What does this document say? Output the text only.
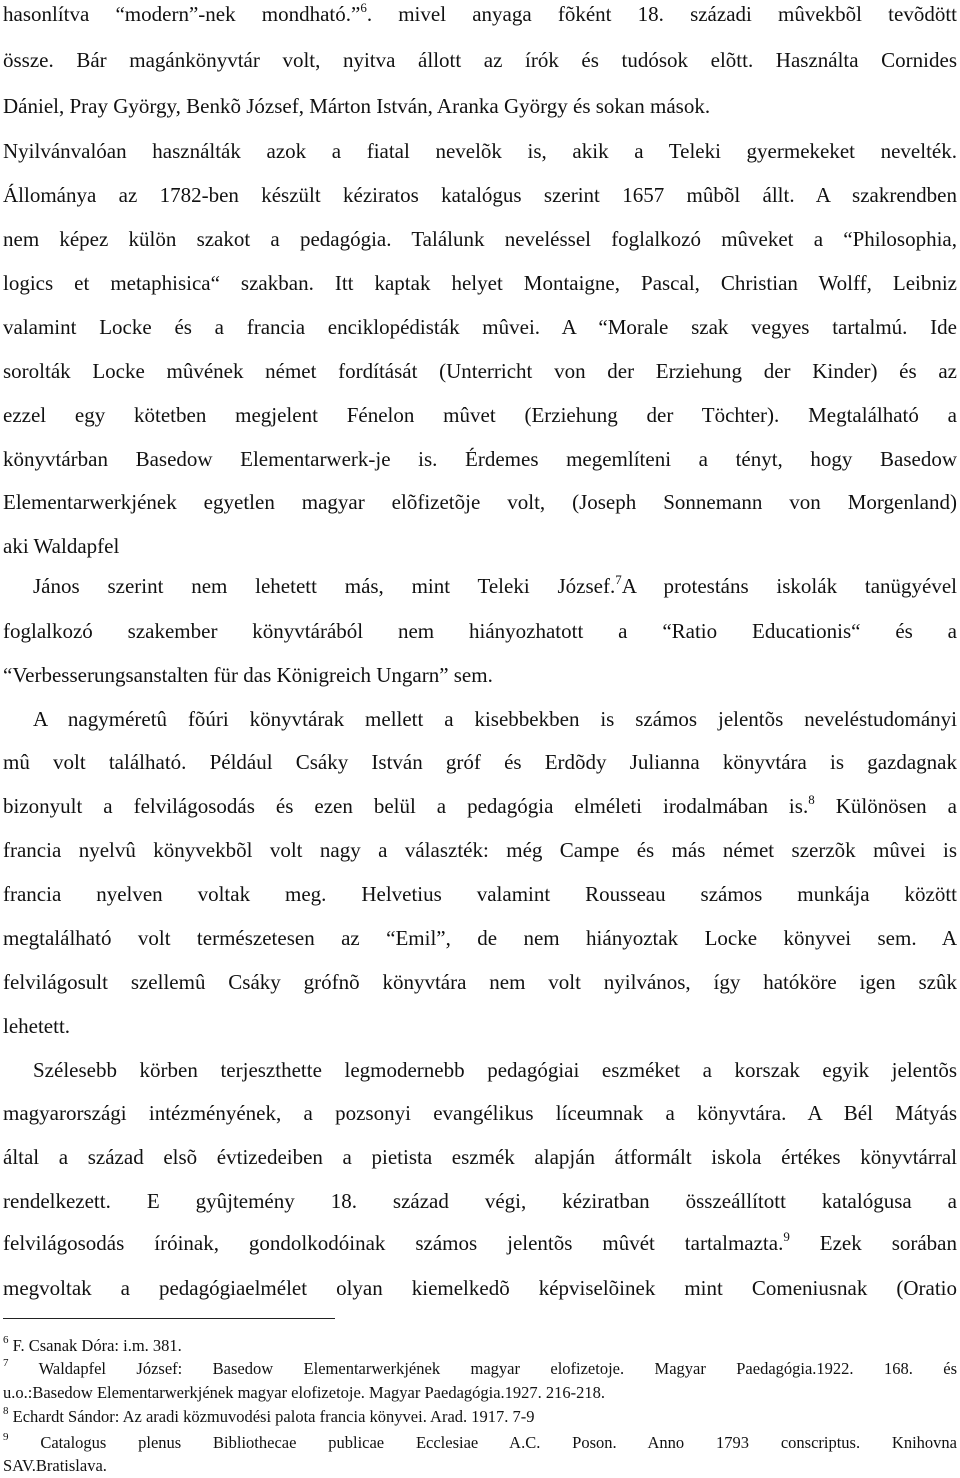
hasonlítva “modern”-nek mondható.”$^6$. mivel anyaga fõként 18. századi mûvekbõl tevõdött
össze. Bár magánkönyvtár volt, nyitva állott az írók és tudósok elõtt. Használta Cornides
Dániel, Pray György, Benkõ József, Márton István, Aranka György és sokan mások.
Nyilvánvalóan használták azok a fiatal nevelõk is, akik a Teleki gyermekeket nevelték.
Állománya az 1782-ben készült kéziratos katalógus szerint 1657 mûbõl állt. A szakrendben
nem képez külön szakot a pedagógia. Találunk neveléssel foglalkozó mûveket a “Philosophia,
logics et metaphisica“ szakban. Itt kaptak helyet Montaigne, Pascal, Christian Wolff, Leibniz
valamint Locke és a francia enciklopédisták mûvei. A “Morale szak vegyes tartalmú. Ide
sorolták Locke mûvének német fordítását (Unterricht von der Erziehung der Kinder) és az
ezzel egy kötetben megjelent Fénelon mûvet (Erziehung der Töchter). Megtalálható a
könyvtárban Basedow Elementarwerk-je is. Érdemes megemlíteni a tényt, hogy Basedow
Elementarwerkjének egyetlen magyar elõfizetõje volt, (Joseph Sonnemann von Morgenland)
aki Waldapfel
János szerint nem lehetett más, mint Teleki József.$^7$A protestáns iskolák tanügyével
foglalkozó szakember könyvtárából nem hiányozhatott a “Ratio Educationis“ és a
“Verbesserungsanstalten für das Königreich Ungarn” sem.
A nagyméretû fõúri könyvtárak mellett a kisebbekben is számos jelentõs neveléstudományi
mû volt található. Például Csáky István gróf és Erdõdy Julianna könyvtára is gazdagnak
bizonyult a felvilágosodás és ezen belül a pedagógia elméleti irodalmában is.$^8$ Különösen a
francia nyelvû könyvekbõl volt nagy a választék: még Campe és más német szerzõk mûvei is
francia nyelven voltak meg. Helvetius valamint Rousseau számos munkája között
megtalálható volt természetesen az “Emil”, de nem hiányoztak Locke könyvei sem. A
felvilágosult szellemû Csáky grófnõ könyvtára nem volt nyilvános, így hatóköre igen szûk
lehetett.
Szélesebb körben terjeszthette legmodernebb pedagógiai eszméket a korszak egyik jelentõs
magyarországi intézményének, a pozsonyi evangélikus líceumnak a könyvtára. A Bél Mátyás
által a század elsõ évtizedeiben a pietista eszmék alapján átformált iskola értékes könyvtárral
rendelkezett. E gyûjtemény 18. század végi, kéziratban összeállított katalógusa a
felvilágosodás íróinak, gondolkodóinak számos jelentõs mûvét tartalmazta.$^9$ Ezek sorában
megvoltak a pedagógiaelmélet olyan kiemelkedõ képviselõinek mint Comeniusnak (Oratio
$^6$ F. Csanak Dóra: i.m. 381.
$^7$ Waldapfel József: Basedow Elementarwerkjének magyar elofizetoje. Magyar Paedagógia.1922. 168. és
u.o.:Basedow Elementarwerkjének magyar elofizetoje. Magyar Paedagógia.1927. 216-218.
$^8$ Echardt Sándor: Az aradi közmuvodési palota francia könyvei. Arad. 1917. 7-9
$^9$ Catalogus plenus Bibliothecae publicae Ecclesiae A.C. Poson. Anno 1793 conscriptus. Knihovna
SAV.Bratislava.
